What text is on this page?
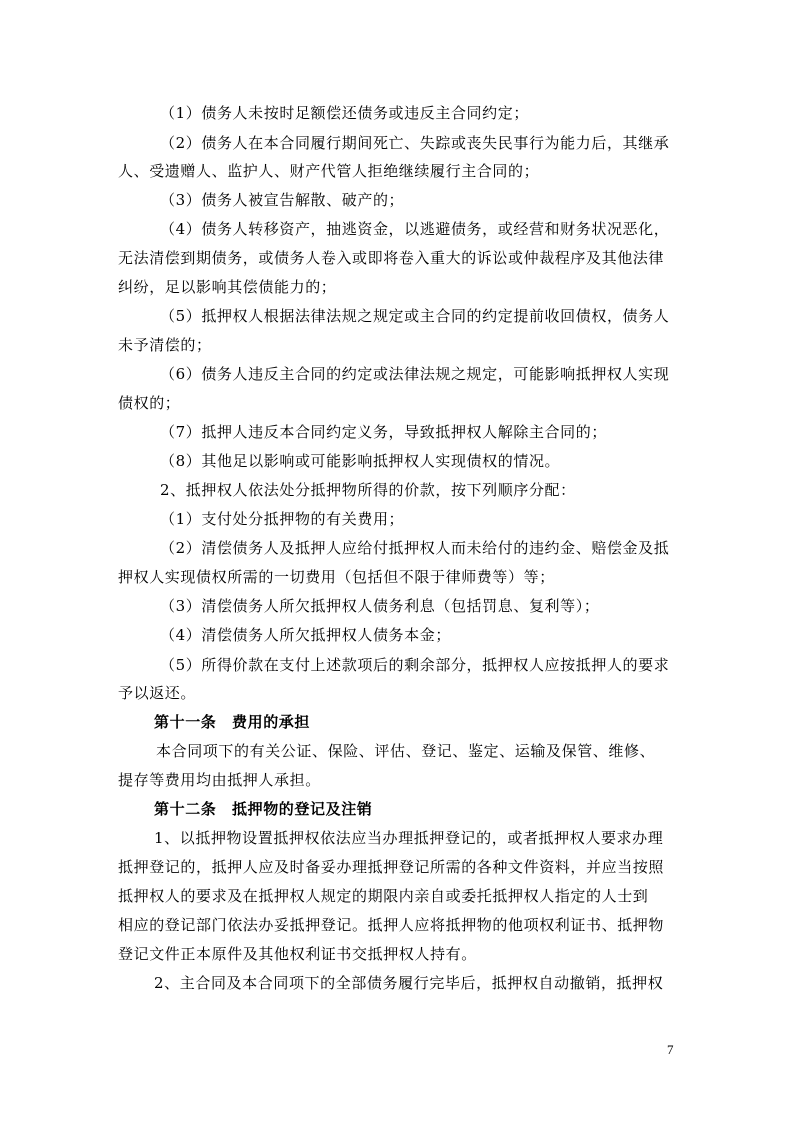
（1）债务人未按时足额偿还债务或违反主合同约定；
（2）债务人在本合同履行期间死亡、失踪或丧失民事行为能力后，其继承
人、受遗赠人、监护人、财产代管人拒绝继续履行主合同的；
（3）债务人被宣告解散、破产的；
（4）债务人转移资产，抽逃资金，以逃避债务，或经营和财务状况恶化，
无法清偿到期债务，或债务人卷入或即将卷入重大的诉讼或仲裁程序及其他法律
纠纷，足以影响其偿债能力的；
（5）抵押权人根据法律法规之规定或主合同的约定提前收回债权，债务人
未予清偿的；
（6）债务人违反主合同的约定或法律法规之规定，可能影响抵押权人实现
债权的；
（7）抵押人违反本合同约定义务，导致抵押权人解除主合同的；
（8）其他足以影响或可能影响抵押权人实现债权的情况。
2、抵押权人依法处分抵押物所得的价款，按下列顺序分配：
（1）支付处分抵押物的有关费用；
（2）清偿债务人及抵押人应给付抵押权人而未给付的违约金、赔偿金及抵
押权人实现债权所需的一切费用（包括但不限于律师费等）等；
（3）清偿债务人所欠抵押权人债务利息（包括罚息、复利等）；
（4）清偿债务人所欠抵押权人债务本金；
（5）所得价款在支付上述款项后的剩余部分，抵押权人应按抵押人的要求
予以返还。
第十一条　费用的承担
本合同项下的有关公证、保险、评估、登记、鉴定、运输及保管、维修、
提存等费用均由抵押人承担。
第十二条　抵押物的登记及注销
1、以抵押物设置抵押权依法应当办理抵押登记的，或者抵押权人要求办理
抵押登记的，抵押人应及时备妥办理抵押登记所需的各种文件资料，并应当按照
抵押权人的要求及在抵押权人规定的期限内亲自或委托抵押权人指定的人士到
相应的登记部门依法办妥抵押登记。抵押人应将抵押物的他项权利证书、抵押物
登记文件正本原件及其他权利证书交抵押权人持有。
2、主合同及本合同项下的全部债务履行完毕后，抵押权自动撤销，抵押权
7
